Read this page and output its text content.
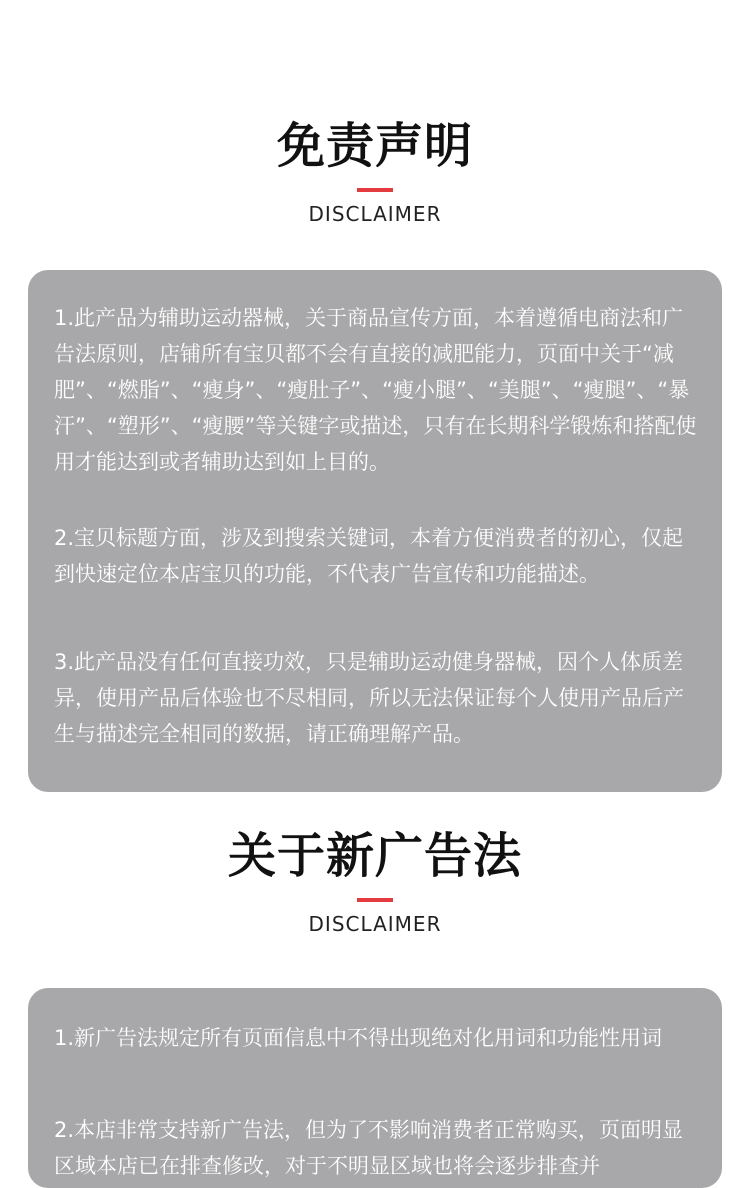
免责声明
DISCLAIMER

1.此产品为辅助运动器械，关于商品宣传方面，本着遵循电商法和广告法原则，店铺所有宝贝都不会有直接的减肥能力，页面中关于“减肥”、“燃脂”、“瘦身”、“瘦肚子”、“瘦小腿”、“美腿”、“瘦腿”、“暴汗”、“塑形”、“瘦腰”等关键字或描述，只有在长期科学锻炼和搭配使用才能达到或者辅助达到如上目的。

2.宝贝标题方面，涉及到搜索关键词，本着方便消费者的初心，仅起到快速定位本店宝贝的功能，不代表广告宣传和功能描述。

3.此产品没有任何直接功效，只是辅助运动健身器械，因个人体质差异，使用产品后体验也不尽相同，所以无法保证每个人使用产品后产生与描述完全相同的数据，请正确理解产品。

关于新广告法
DISCLAIMER

1.新广告法规定所有页面信息中不得出现绝对化用词和功能性用词

2.本店非常支持新广告法，但为了不影响消费者正常购买，页面明显区域本店已在排查修改，对于不明显区域也将会逐步排查并
